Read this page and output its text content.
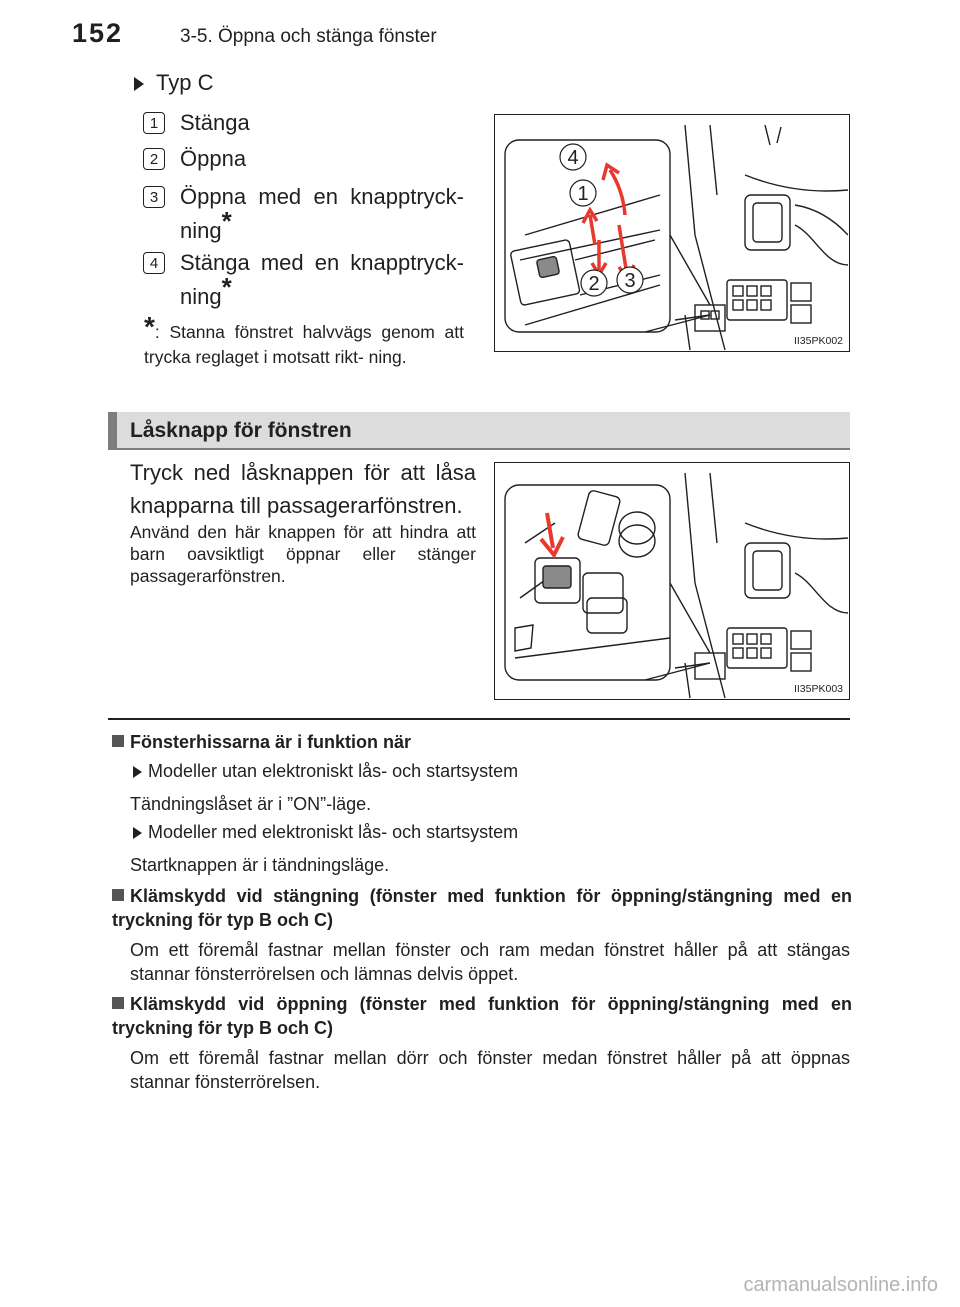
152	3-5. Öppna och stänga fönster
Typ C
1 Stänga
2 Öppna
3 Öppna med en knapptryck-
ning*
4 Stänga med en knapptryck-
ning*
*: Stanna fönstret halvvägs genom att trycka reglaget i motsatt rikt- ning.
1
2 3
4
II35PK002
Låsknapp för fönstren
Tryck ned låsknappen för att låsa knapparna till passagerarfönstren.
Använd den här knappen för att hindra att barn oavsiktligt öppnar eller stänger passagerarfönstren.
II35PK003
Fönsterhissarna är i funktion när
Modeller utan elektroniskt lås- och startsystem
Tändningslåset är i ”ON”-läge.
Modeller med elektroniskt lås- och startsystem
Startknappen är i tändningsläge.
Klämskydd vid stängning (fönster med funktion för öppning/stängning med en tryckning för typ B och C)
Om ett föremål fastnar mellan fönster och ram medan fönstret håller på att stängas stannar fönsterrörelsen och lämnas delvis öppet.
Klämskydd vid öppning (fönster med funktion för öppning/stängning med en tryckning för typ B och C)
Om ett föremål fastnar mellan dörr och fönster medan fönstret håller på att öppnas stannar fönsterrörelsen.
carmanualsonline.info
